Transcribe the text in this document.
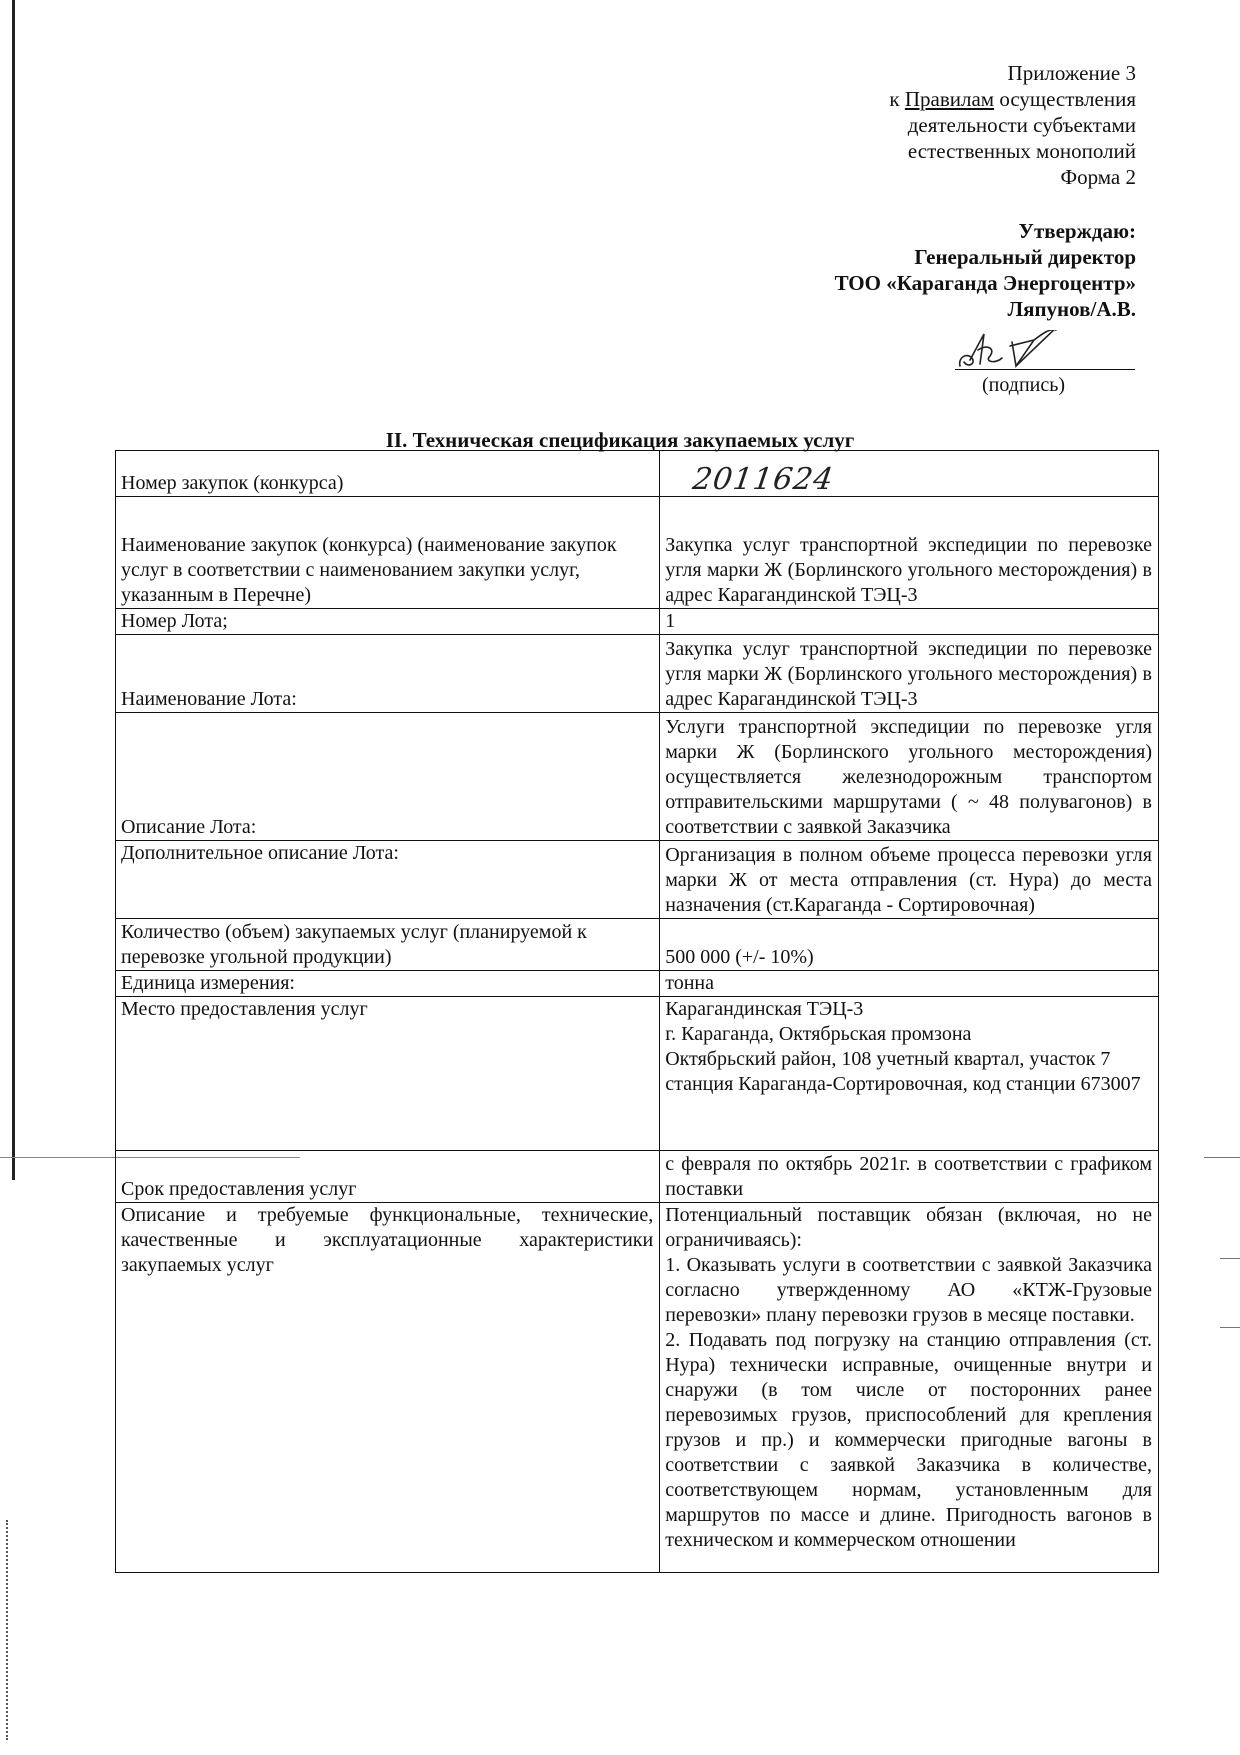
Приложение 3
к Правилам осуществления
деятельности субъектами
естественных монополий
Форма 2
Утверждаю:
Генеральный директор
ТОО «Караганда Энергоцентр»
Ляпунов/А.В.
(подпись)
II. Техническая спецификация закупаемых услуг
Номер закупок (конкурса)	2011624
Наименование закупок (конкурса) (наименование закупок услуг в соответствии с наименованием закупки услуг, указанным в Перечне)	Закупка услуг транспортной экспедиции по перевозке угля марки Ж (Борлинского угольного месторождения) в адрес Карагандинской ТЭЦ-3
Номер Лота;	1
Наименование Лота:	Закупка услуг транспортной экспедиции по перевозке угля марки Ж (Борлинского угольного месторождения) в адрес Карагандинской ТЭЦ-3
Описание Лота:	Услуги транспортной экспедиции по перевозке угля марки Ж (Борлинского угольного месторождения) осуществляется железнодорожным транспортом отправительскими маршрутами ( ~ 48 полувагонов) в соответствии с заявкой Заказчика
Дополнительное описание Лота:	Организация в полном объеме процесса перевозки угля марки Ж от места отправления (ст. Нура) до места назначения (ст.Караганда - Сортировочная)
Количество (объем) закупаемых услуг (планируемой к перевозке угольной продукции)	500 000 (+/- 10%)
Единица измерения:	тонна
Место предоставления услуг	Карагандинская ТЭЦ-3
г. Караганда, Октябрьская промзона
Октябрьский район, 108 учетный квартал, участок 7
станция Караганда-Сортировочная, код станции 673007

Срок предоставления услуг	с февраля по октябрь 2021г. в соответствии с графиком поставки
Описание и требуемые функциональные, технические, качественные и эксплуатационные характеристики закупаемых услуг	Потенциальный поставщик обязан (включая, но не ограничиваясь):
1. Оказывать услуги в соответствии с заявкой Заказчика согласно утвержденному АО «КТЖ-Грузовые перевозки» плану перевозки грузов в месяце поставки.
2. Подавать под погрузку на станцию отправления (ст. Нура) технически исправные, очищенные внутри и снаружи (в том числе от посторонних ранее перевозимых грузов, приспособлений для крепления грузов и пр.) и коммерчески пригодные вагоны в соответствии с заявкой Заказчика в количестве, соответствующем нормам, установленным для маршрутов по массе и длине. Пригодность вагонов в техническом и коммерческом отношении
